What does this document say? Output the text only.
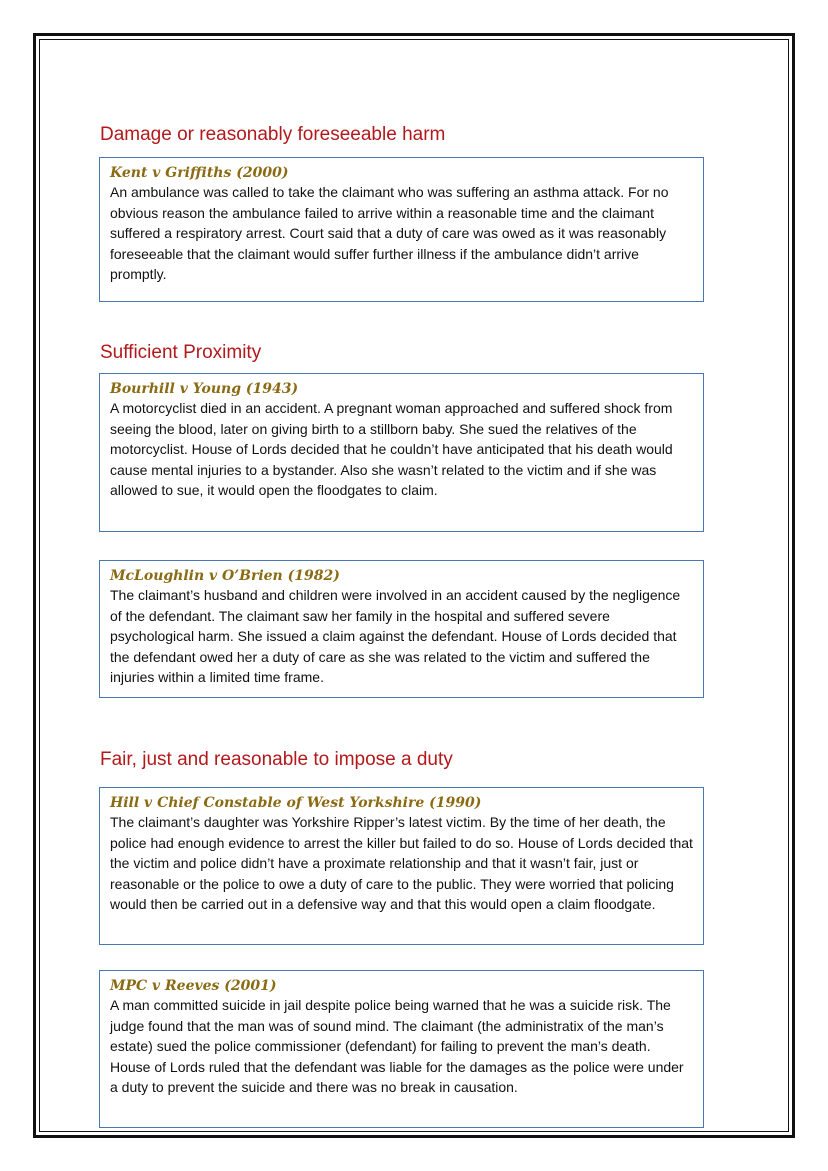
Damage or reasonably foreseeable harm

Kent v Griffiths (2000)

An ambulance was called to take the claimant who was suffering an asthma attack. For no obvious reason the ambulance failed to arrive within a reasonable time and the claimant suffered a respiratory arrest. Court said that a duty of care was owed as it was reasonably foreseeable that the claimant would suffer further illness if the ambulance didn’t arrive promptly.

Sufficient Proximity

Bourhill v Young (1943)

A motorcyclist died in an accident. A pregnant woman approached and suffered shock from seeing the blood, later on giving birth to a stillborn baby. She sued the relatives of the motorcyclist. House of Lords decided that he couldn’t have anticipated that his death would cause mental injuries to a bystander. Also she wasn’t related to the victim and if she was allowed to sue, it would open the floodgates to claim.

McLoughlin v O’Brien (1982)

The claimant’s husband and children were involved in an accident caused by the negligence of the defendant. The claimant saw her family in the hospital and suffered severe psychological harm. She issued a claim against the defendant. House of Lords decided that the defendant owed her a duty of care as she was related to the victim and suffered the injuries within a limited time frame.

Fair, just and reasonable to impose a duty

Hill v Chief Constable of West Yorkshire (1990)

The claimant’s daughter was Yorkshire Ripper’s latest victim. By the time of her death, the police had enough evidence to arrest the killer but failed to do so. House of Lords decided that the victim and police didn’t have a proximate relationship and that it wasn’t fair, just or reasonable or the police to owe a duty of care to the public. They were worried that policing would then be carried out in a defensive way and that this would open a claim floodgate.

MPC v Reeves (2001)

A man committed suicide in jail despite police being warned that he was a suicide risk. The judge found that the man was of sound mind. The claimant (the administratix of the man’s estate) sued the police commissioner (defendant) for failing to prevent the man’s death. House of Lords ruled that the defendant was liable for the damages as the police were under a duty to prevent the suicide and there was no break in causation.
